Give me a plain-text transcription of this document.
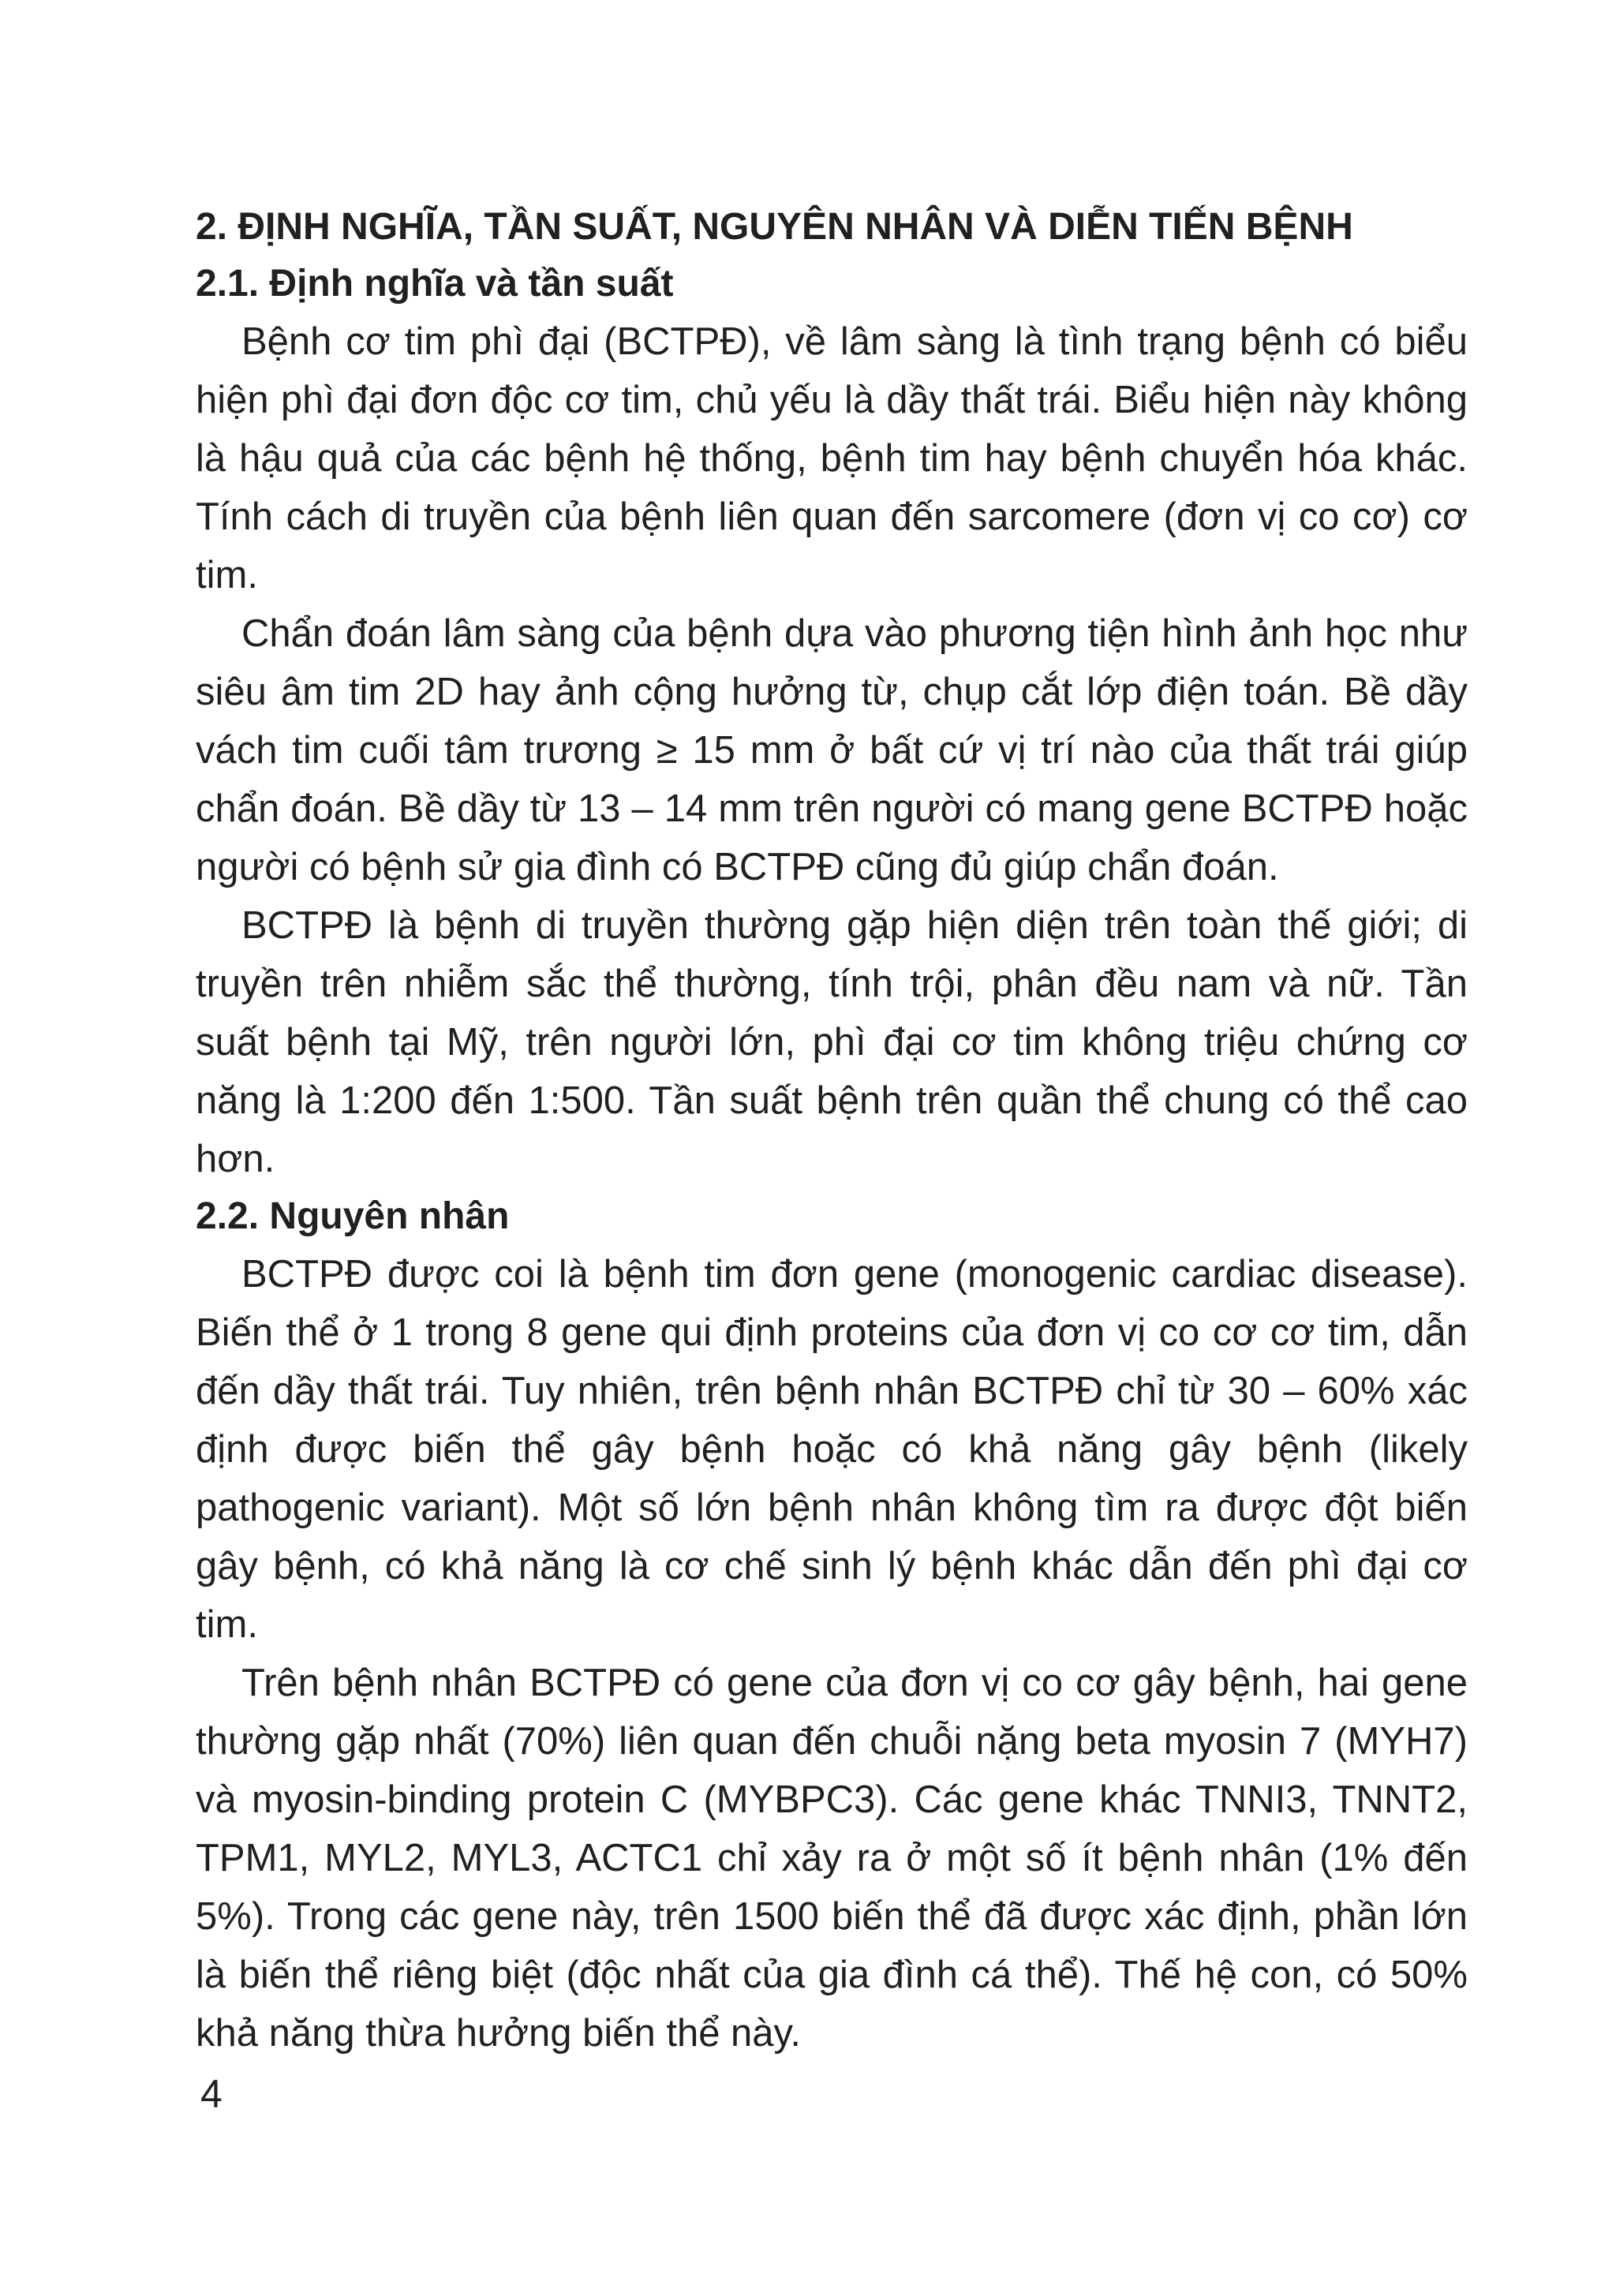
2. ĐỊNH NGHĨA, TẦN SUẤT, NGUYÊN NHÂN VÀ DIỄN TIẾN BỆNH
2.1. Định nghĩa và tần suất

Bệnh cơ tim phì đại (BCTPĐ), về lâm sàng là tình trạng bệnh có biểu hiện phì đại đơn độc cơ tim, chủ yếu là dầy thất trái. Biểu hiện này không là hậu quả của các bệnh hệ thống, bệnh tim hay bệnh chuyển hóa khác. Tính cách di truyền của bệnh liên quan đến sarcomere (đơn vị co cơ) cơ tim.

Chẩn đoán lâm sàng của bệnh dựa vào phương tiện hình ảnh học như siêu âm tim 2D hay ảnh cộng hưởng từ, chụp cắt lớp điện toán. Bề dầy vách tim cuối tâm trương ≥ 15 mm ở bất cứ vị trí nào của thất trái giúp chẩn đoán. Bề dầy từ 13 – 14 mm trên người có mang gene BCTPĐ hoặc người có bệnh sử gia đình có BCTPĐ cũng đủ giúp chẩn đoán.

BCTPĐ là bệnh di truyền thường gặp hiện diện trên toàn thế giới; di truyền trên nhiễm sắc thể thường, tính trội, phân đều nam và nữ. Tần suất bệnh tại Mỹ, trên người lớn, phì đại cơ tim không triệu chứng cơ năng là 1:200 đến 1:500. Tần suất bệnh trên quần thể chung có thể cao hơn.

2.2. Nguyên nhân

BCTPĐ được coi là bệnh tim đơn gene (monogenic cardiac disease). Biến thể ở 1 trong 8 gene qui định proteins của đơn vị co cơ cơ tim, dẫn đến dầy thất trái. Tuy nhiên, trên bệnh nhân BCTPĐ chỉ từ 30 – 60% xác định được biến thể gây bệnh hoặc có khả năng gây bệnh (likely pathogenic variant). Một số lớn bệnh nhân không tìm ra được đột biến gây bệnh, có khả năng là cơ chế sinh lý bệnh khác dẫn đến phì đại cơ tim.

Trên bệnh nhân BCTPĐ có gene của đơn vị co cơ gây bệnh, hai gene thường gặp nhất (70%) liên quan đến chuỗi nặng beta myosin 7 (MYH7) và myosin-binding protein C (MYBPC3). Các gene khác TNNI3, TNNT2, TPM1, MYL2, MYL3, ACTC1 chỉ xảy ra ở một số ít bệnh nhân (1% đến 5%). Trong các gene này, trên 1500 biến thể đã được xác định, phần lớn là biến thể riêng biệt (độc nhất của gia đình cá thể). Thế hệ con, có 50% khả năng thừa hưởng biến thể này.

4
